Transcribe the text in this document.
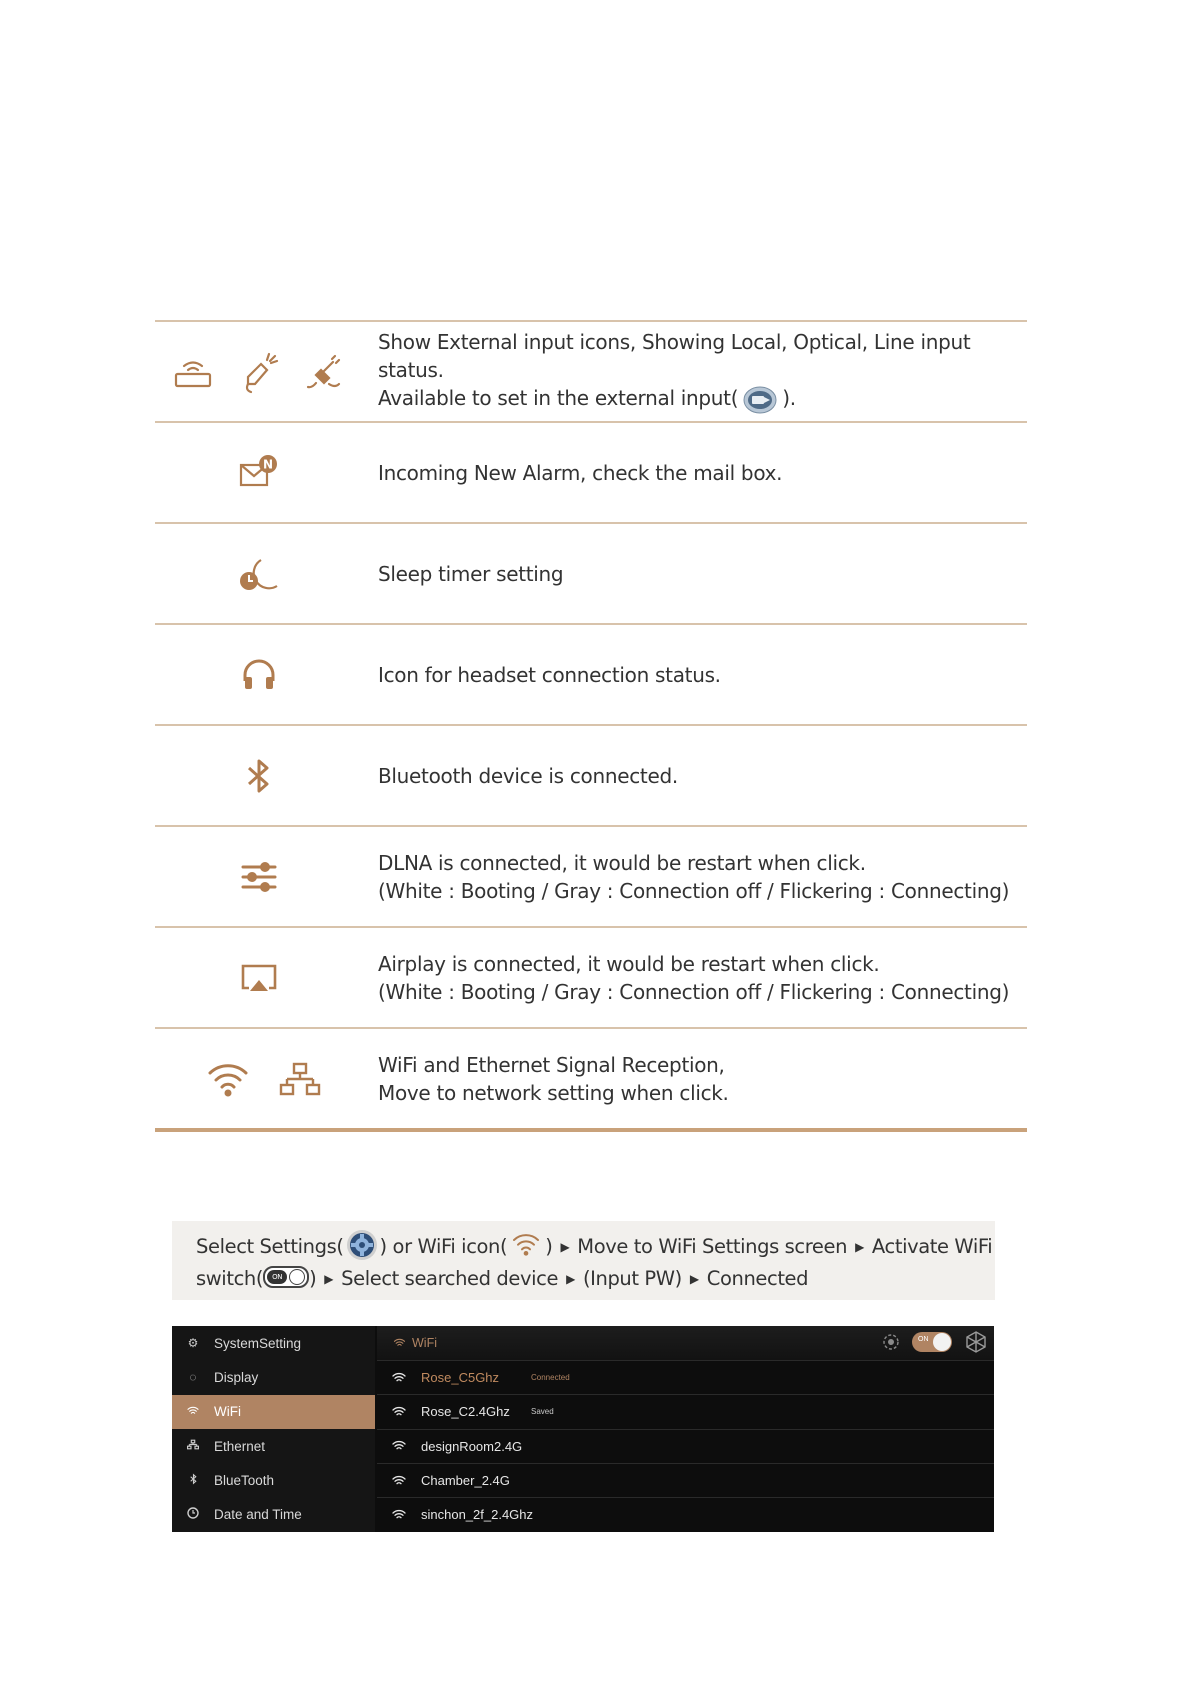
Show External input icons, Showing Local, Optical, Line input status.
Available to set in the external input( ).
N	Incoming New Alarm, check the mail box.
Sleep timer setting
Icon for headset connection status.
Bluetooth device is connected.
DLNA is connected, it would be restart when click.
(White : Booting / Gray : Connection off / Flickering : Connecting)
Airplay is connected, it would be restart when click.
(White : Booting / Gray : Connection off / Flickering : Connecting)
WiFi and Ethernet Signal Reception,
Move to network setting when click.
Select Settings( ) or WiFi icon( ) ▶ Move to WiFi Settings screen ▶ Activate WiFi
switch(	ON ) ▶ Select searched device ▶ (Input PW) ▶ Connected
⚙ SystemSetting
◌ Display
WiFi
Ethernet
BlueTooth
Date and Time
WiFi	ON
Rose_C5Ghz	Connected
Rose_C2.4Ghz	Saved
designRoom2.4G
Chamber_2.4G
sinchon_2f_2.4Ghz
